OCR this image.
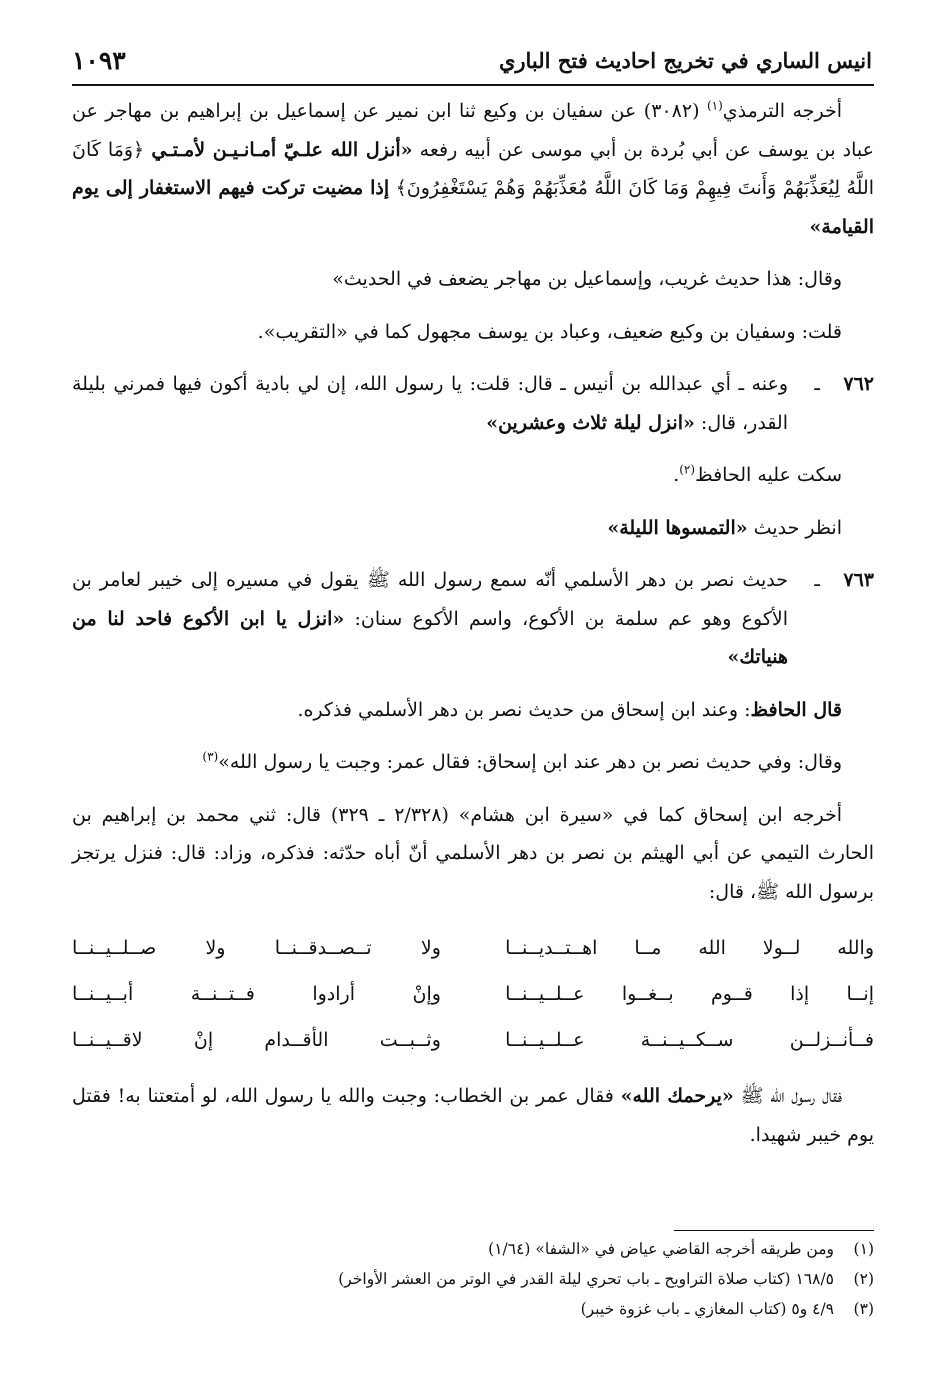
انيس الساري في تخريج احاديث فتح الباري
١٠٩٣

أخرجه الترمذي$^{(١)}$ (٣٠٨٢) عن سفيان بن وكيع ثنا ابن نمير عن إسماعيل بن إبراهيم بن مهاجر عن عباد بن يوسف عن أبي بُردة بن أبي موسى عن أبيه رفعه «أنزل الله علـيّ أمـانـيـن لأمـتـي ﴿وَمَا كَانَ اللَّهُ لِيُعَذِّبَهُمْ وَأَنتَ فِيهِمْ وَمَا كَانَ اللَّهُ مُعَذِّبَهُمْ وَهُمْ يَسْتَغْفِرُونَ﴾ إذا مضيت تركت فيهم الاستغفار إلى يوم القيامة»

وقال: هذا حديث غريب، وإسماعيل بن مهاجر يضعف في الحديث»

قلت: وسفيان بن وكيع ضعيف، وعباد بن يوسف مجهول كما في «التقريب».

٧٦٢ـوعنه ـ أي عبدالله بن أنيس ـ قال: قلت: يا رسول الله، إن لي بادية أكون فيها فمرني بليلة القدر، قال: «انزل ليلة ثلاث وعشرين»

سكت عليه الحافظ$^{(٢)}$.

انظر حديث «التمسوها الليلة»

٧٦٣ـحديث نصر بن دهر الأسلمي أنّه سمع رسول الله ﷺ يقول في مسيره إلى خيبر لعامر بن الأكوع وهو عم سلمة بن الأكوع، واسم الأكوع سنان: «انزل يا ابن الأكوع فاحد لنا من هنياتك»

قال الحافظ: وعند ابن إسحاق من حديث نصر بن دهر الأسلمي فذكره.

وقال: وفي حديث نصر بن دهر عند ابن إسحاق: فقال عمر: وجبت يا رسول الله»$^{(٣)}$

أخرجه ابن إسحاق كما في «سيرة ابن هشام» (٢/٣٢٨ ـ ٣٢٩) قال: ثني محمد بن إبراهيم بن الحارث التيمي عن أبي الهيثم بن نصر بن دهر الأسلمي أنّ أباه حدّثه: فذكره، وزاد: قال: فنزل يرتجز برسول الله ﷺ، قال:

والله لــولا الله مــا اهــتــديــنــا
ولا تــصــدقــنــا ولا صــلــيــنــا
إنــا إذا قــوم بــغــوا عــلــيــنــا
وإنْ أرادوا فــتــنــة أبــيــنــا
فــأنــزلــن ســكــيــنــة عــلــيــنــا
وثــبــت الأقــدام إنْ لاقــيــنــا

فقال رسول الله ﷺ «يرحمك الله» فقال عمر بن الخطاب: وجبت والله يا رسول الله، لو أمتعتنا به! فقتل يوم خيبر شهيدا.

(١)ومن طريقه أخرجه القاضي عياض في «الشفا» (١/٦٤)
(٢)١٦٨/٥ (كتاب صلاة التراويح ـ باب تحري ليلة القدر في الوتر من العشر الأواخر)
(٣)٤/٩ و٥ (كتاب المغازي ـ باب غزوة خيبر)
